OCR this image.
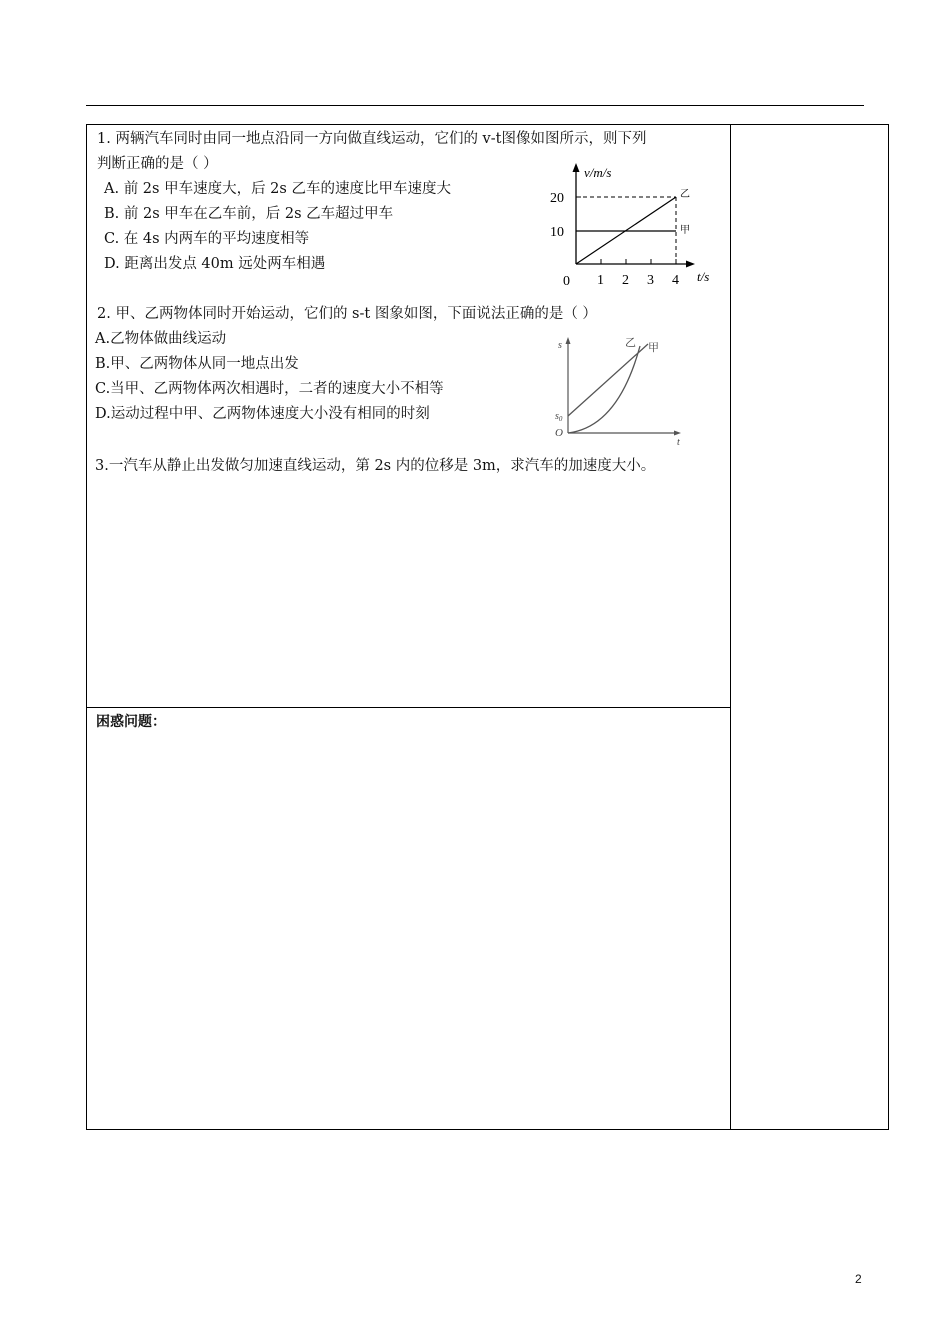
1. 两辆汽车同时由同一地点沿同一方向做直线运动，它们的 v-t图像如图所示，则下列
判断正确的是（ ）
A. 前 2s 甲车速度大，后 2s 乙车的速度比甲车速度大
B. 前 2s 甲车在乙车前，后 2s 乙车超过甲车
C. 在 4s 内两车的平均速度相等
D. 距离出发点 40m 远处两车相遇
2. 甲、乙两物体同时开始运动，它们的 s-t 图象如图，下面说法正确的是（ ）
A.乙物体做曲线运动
B.甲、乙两物体从同一地点出发
C.当甲、乙两物体两次相遇时，二者的速度大小不相等
D.运动过程中甲、乙两物体速度大小没有相同的时刻
3.一汽车从静止出发做匀加速直线运动，第 2s 内的位移是 3m，求汽车的加速度大小。
困惑问题：
v/m/s
t/s
20
10
0 1 2 3 4
乙
甲
s
t
O
$s_0$
乙 甲
2
